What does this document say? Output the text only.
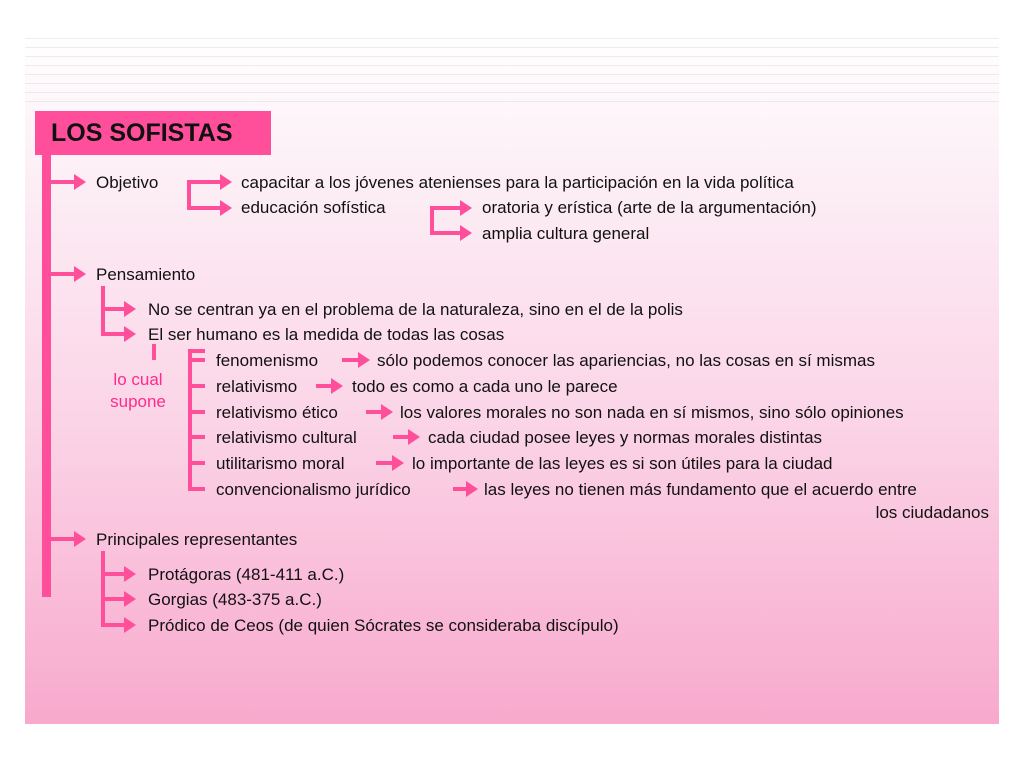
LOS SOFISTAS
Objetivo	capacitar a los jóvenes atenienses para la participación en la vida política
educación sofística	oratoria y erística (arte de la argumentación)
amplia cultura general
Pensamiento
No se centran ya en el problema de la naturaleza, sino en el de la polis
El ser humano es la medida de todas las cosas
lo cual
supone
fenomenismo	sólo podemos conocer las apariencias, no las cosas en sí mismas
relativismo	todo es como a cada uno le parece
relativismo ético	los valores morales no son nada en sí mismos, sino sólo opiniones
relativismo cultural	cada ciudad posee leyes y normas morales distintas
utilitarismo moral	lo importante de las leyes es si son útiles para la ciudad
convencionalismo jurídico	las leyes no tienen más fundamento que el acuerdo entre
los ciudadanos
Principales representantes
Protágoras (481-411 a.C.)
Gorgias (483-375 a.C.)
Pródico de Ceos (de quien Sócrates se consideraba discípulo)
